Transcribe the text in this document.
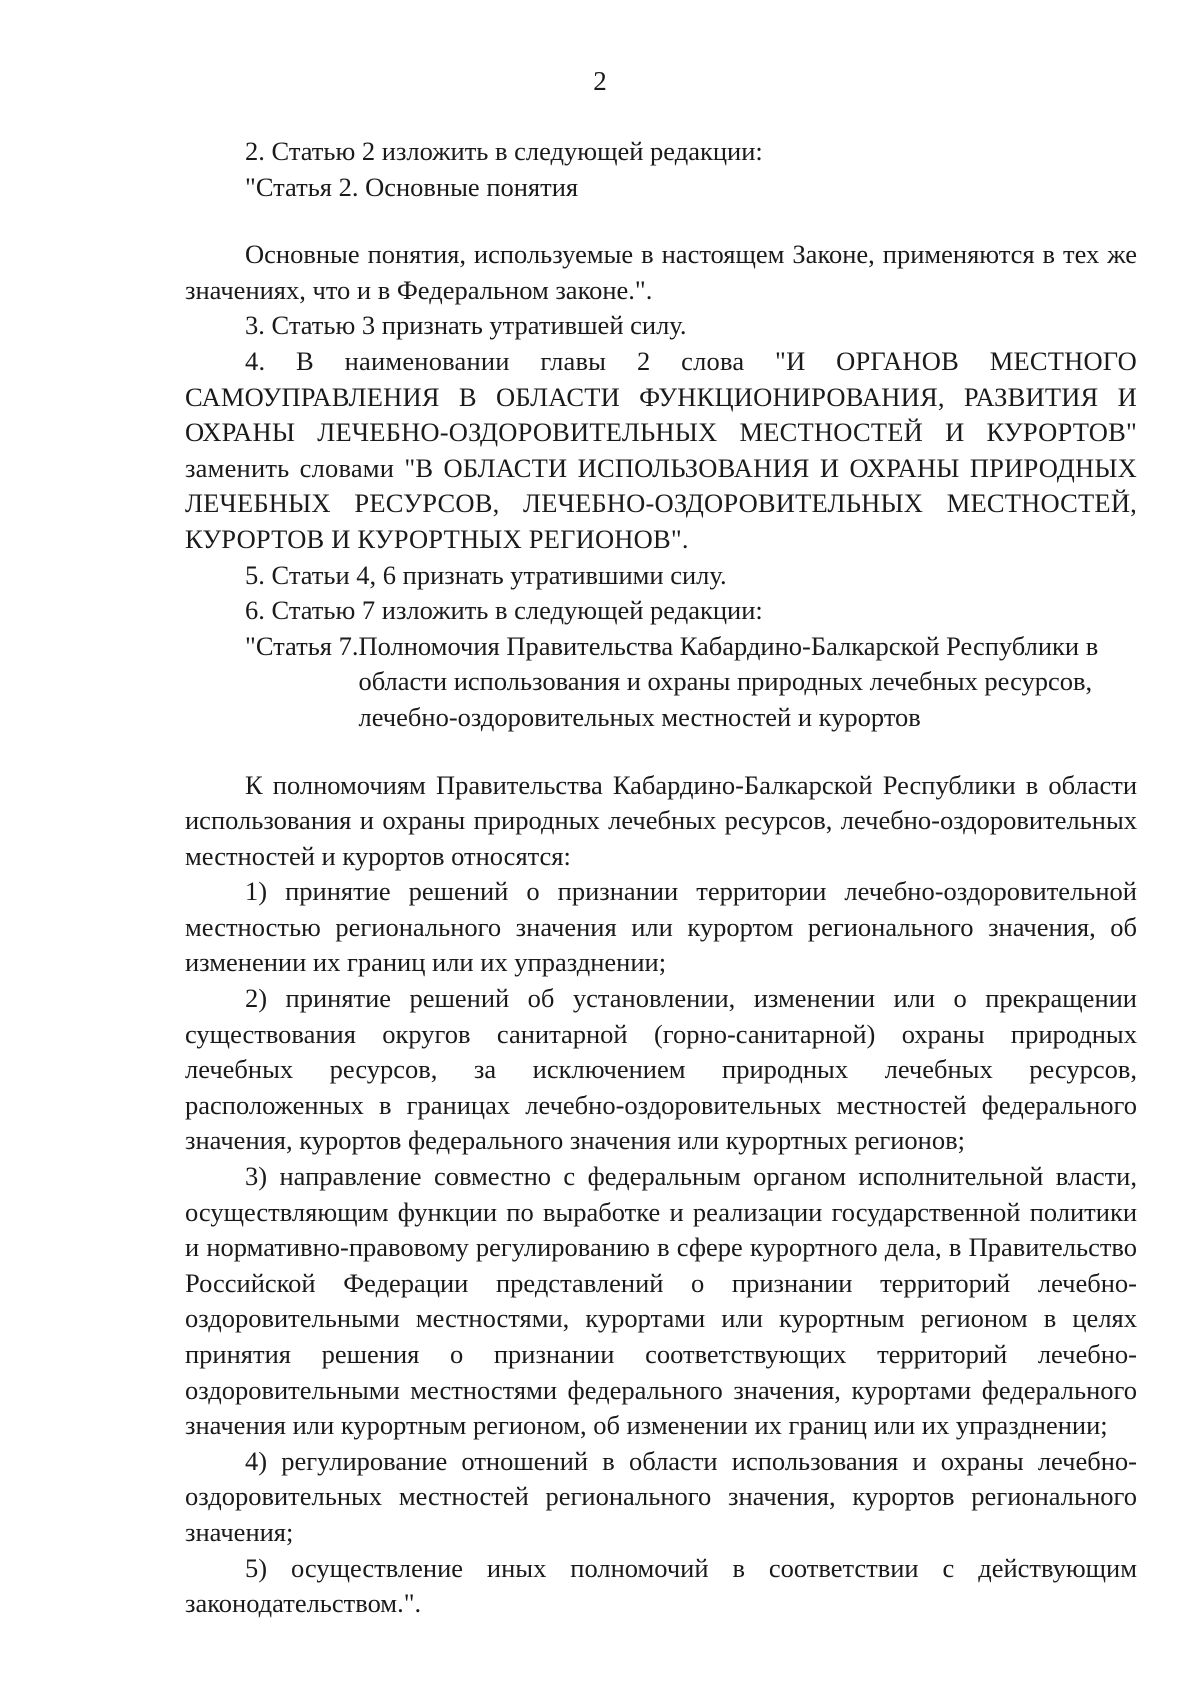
2

2. Статью 2 изложить в следующей редакции:

"Статья 2. Основные понятия

Основные понятия, используемые в настоящем Законе, применяются в тех же значениях, что и в Федеральном законе.".

3. Статью 3 признать утратившей силу.

4. В наименовании главы 2 слова "И ОРГАНОВ МЕСТНОГО САМОУПРАВЛЕНИЯ В ОБЛАСТИ ФУНКЦИОНИРОВАНИЯ, РАЗВИТИЯ И ОХРАНЫ ЛЕЧЕБНО-ОЗДОРОВИТЕЛЬНЫХ МЕСТНОСТЕЙ И КУРОРТОВ" заменить словами "В ОБЛАСТИ ИСПОЛЬЗОВАНИЯ И ОХРАНЫ ПРИРОДНЫХ ЛЕЧЕБНЫХ РЕСУРСОВ, ЛЕЧЕБНО-ОЗДОРОВИТЕЛЬНЫХ МЕСТНОСТЕЙ, КУРОРТОВ И КУРОРТНЫХ РЕГИОНОВ".

5. Статьи 4, 6 признать утратившими силу.

6. Статью 7 изложить в следующей редакции:

"Статья 7. Полномочия Правительства Кабардино-Балкарской Республики в области использования и охраны природных лечебных ресурсов, лечебно-оздоровительных местностей и курортов

К полномочиям Правительства Кабардино-Балкарской Республики в области использования и охраны природных лечебных ресурсов, лечебно-оздоровительных местностей и курортов относятся:

1) принятие решений о признании территории лечебно-оздоровительной местностью регионального значения или курортом регионального значения, об изменении их границ или их упразднении;

2) принятие решений об установлении, изменении или о прекращении существования округов санитарной (горно-санитарной) охраны природных лечебных ресурсов, за исключением природных лечебных ресурсов, расположенных в границах лечебно-оздоровительных местностей федерального значения, курортов федерального значения или курортных регионов;

3) направление совместно с федеральным органом исполнительной власти, осуществляющим функции по выработке и реализации государственной политики и нормативно-правовому регулированию в сфере курортного дела, в Правительство Российской Федерации представлений о признании территорий лечебно-оздоровительными местностями, курортами или курортным регионом в целях принятия решения о признании соответствующих территорий лечебно-оздоровительными местностями федерального значения, курортами федерального значения или курортным регионом, об изменении их границ или их упразднении;

4) регулирование отношений в области использования и охраны лечебно-оздоровительных местностей регионального значения, курортов регионального значения;

5) осуществление иных полномочий в соответствии с действующим законодательством.".
